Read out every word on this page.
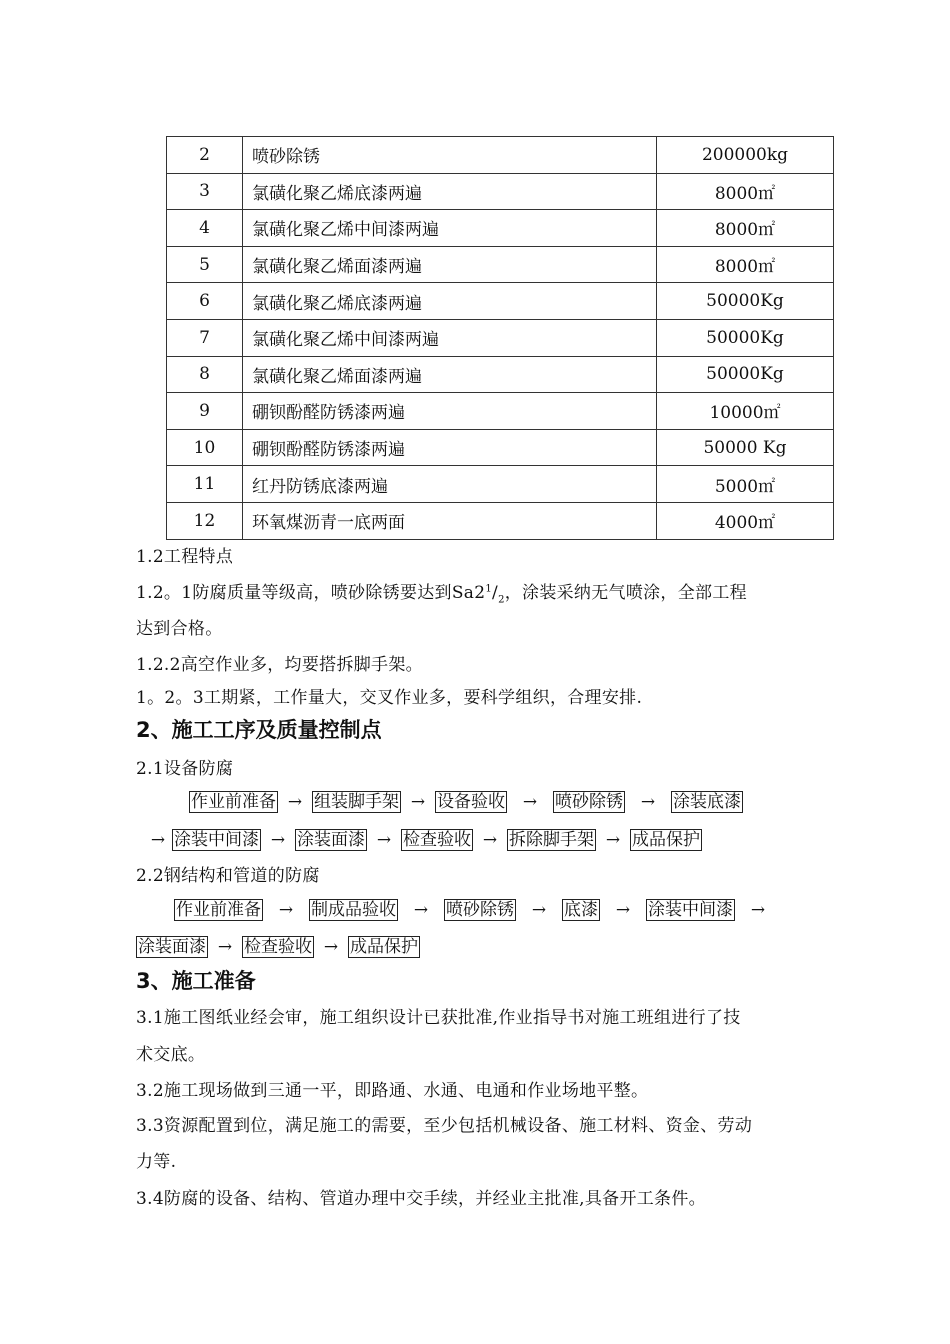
2	喷砂除锈	200000kg
3	氯磺化聚乙烯底漆两遍	8000㎡
4	氯磺化聚乙烯中间漆两遍	8000㎡
5	氯磺化聚乙烯面漆两遍	8000㎡
6	氯磺化聚乙烯底漆两遍	50000Kg
7	氯磺化聚乙烯中间漆两遍	50000Kg
8	氯磺化聚乙烯面漆两遍	50000Kg
9	硼钡酚醛防锈漆两遍	10000㎡
10	硼钡酚醛防锈漆两遍	50000 Kg
11	红丹防锈底漆两遍	5000㎡
12	环氧煤沥青一底两面	4000㎡
1.2工程特点
1.2。1防腐质量等级高，喷砂除锈要达到$Sa2^1/_2$，涂装采纳无气喷涂，全部工程
达到合格。
1.2.2高空作业多，均要搭拆脚手架。
1。2。3工期紧，工作量大，交叉作业多，要科学组织，合理安排.
2、施工工序及质量控制点
2.1设备防腐
作业前准备 → 组装脚手架 → 设备验收 → 喷砂除锈 → 涂装底漆
→ 涂装中间漆 → 涂装面漆 → 检查验收 → 拆除脚手架 → 成品保护
2.2钢结构和管道的防腐
作业前准备 → 制成品验收 → 喷砂除锈 → 底漆 → 涂装中间漆 →
涂装面漆 → 检查验收 → 成品保护
3、施工准备
3.1施工图纸业经会审，施工组织设计已获批准,作业指导书对施工班组进行了技
术交底。
3.2施工现场做到三通一平，即路通、水通、电通和作业场地平整。
3.3资源配置到位，满足施工的需要，至少包括机械设备、施工材料、资金、劳动
力等.
3.4防腐的设备、结构、管道办理中交手续，并经业主批准,具备开工条件。
